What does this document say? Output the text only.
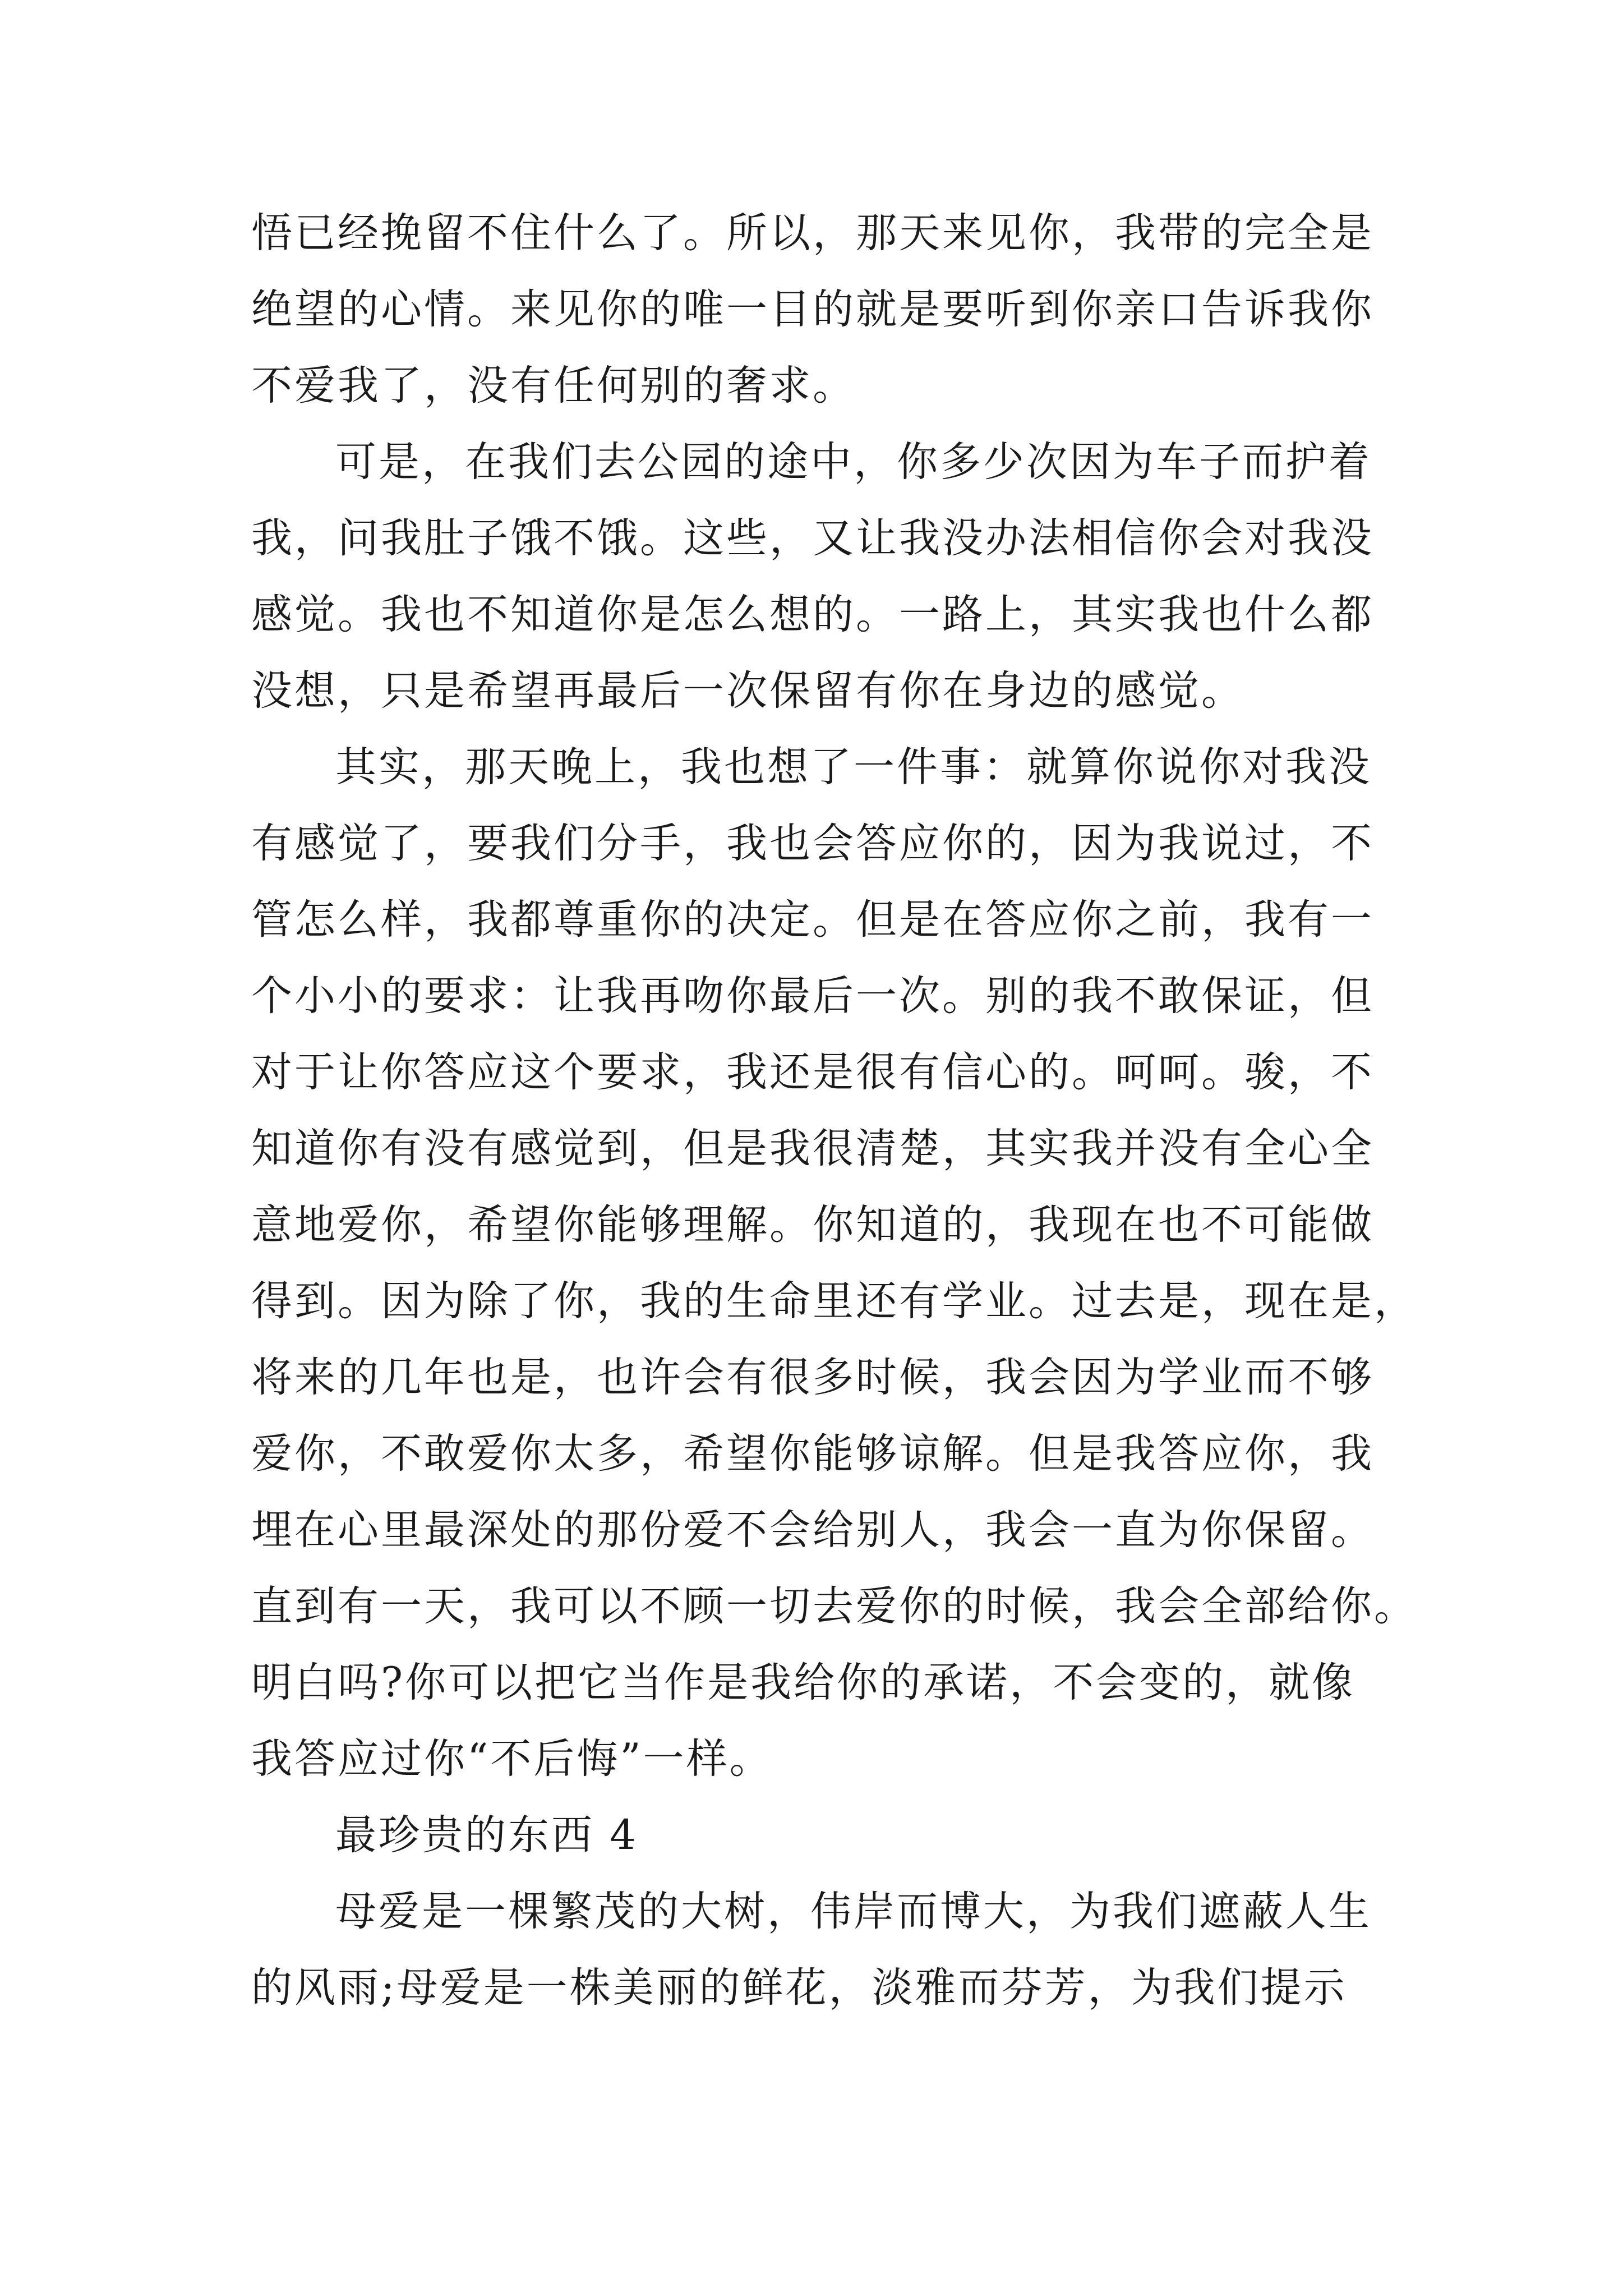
悟已经挽留不住什么了。所以，那天来见你，我带的完全是
绝望的心情。来见你的唯一目的就是要听到你亲口告诉我你
不爱我了，没有任何别的奢求。
可是，在我们去公园的途中，你多少次因为车子而护着
我，问我肚子饿不饿。这些，又让我没办法相信你会对我没
感觉。我也不知道你是怎么想的。一路上，其实我也什么都
没想，只是希望再最后一次保留有你在身边的感觉。
其实，那天晚上，我也想了一件事：就算你说你对我没
有感觉了，要我们分手，我也会答应你的，因为我说过，不
管怎么样，我都尊重你的决定。但是在答应你之前，我有一
个小小的要求：让我再吻你最后一次。别的我不敢保证，但
对于让你答应这个要求，我还是很有信心的。呵呵。骏，不
知道你有没有感觉到，但是我很清楚，其实我并没有全心全
意地爱你，希望你能够理解。你知道的，我现在也不可能做
得到。因为除了你，我的生命里还有学业。过去是，现在是，
将来的几年也是，也许会有很多时候，我会因为学业而不够
爱你，不敢爱你太多，希望你能够谅解。但是我答应你，我
埋在心里最深处的那份爱不会给别人，我会一直为你保留。
直到有一天，我可以不顾一切去爱你的时候，我会全部给你。
明白吗?你可以把它当作是我给你的承诺，不会变的，就像
我答应过你“不后悔”一样。
最珍贵的东西 4
母爱是一棵繁茂的大树，伟岸而博大，为我们遮蔽人生
的风雨;母爱是一株美丽的鲜花，淡雅而芬芳，为我们提示
